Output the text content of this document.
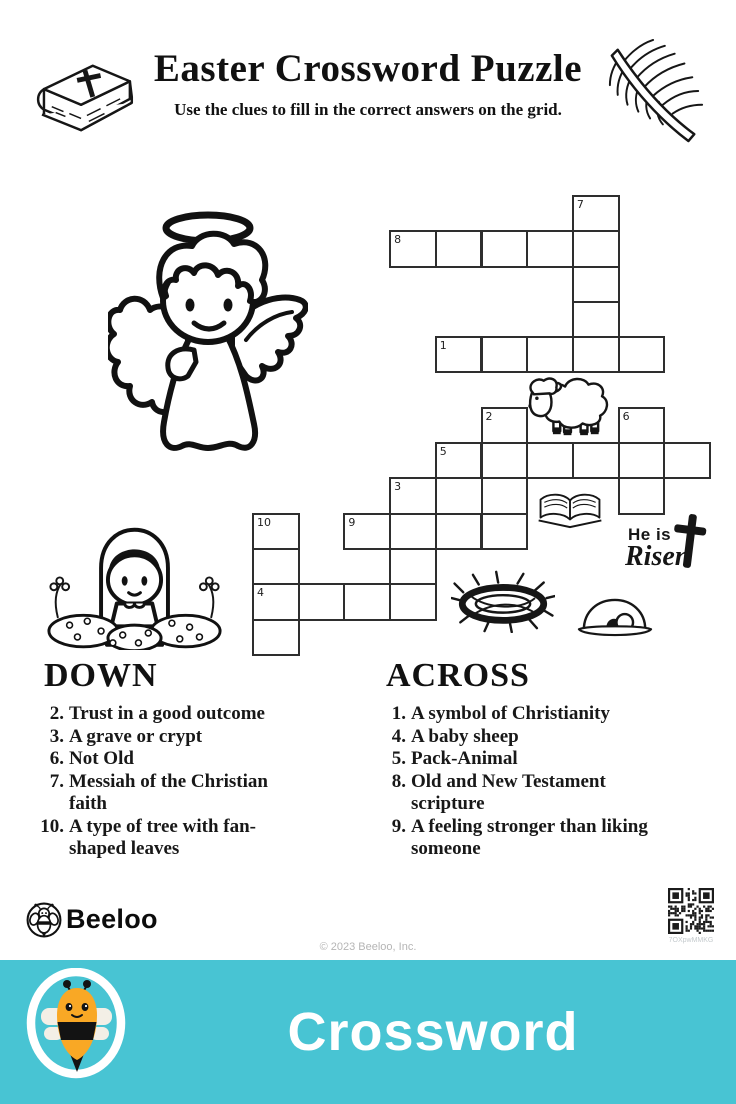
Easter Crossword Puzzle
Use the clues to fill in the correct answers on the grid.
He is
Risen
7
8
1
2	6
5
3
9
10
4
DOWN
2. Trust in a good outcome
3. A grave or crypt
6. Not Old
7. Messiah of the Christian faith
10. A type of tree with fan-shaped leaves
ACROSS
1. A symbol of Christianity
4. A baby sheep
5. Pack-Animal
8. Old and New Testament scripture
9. A feeling stronger than liking someone
Beeloo
© 2023 Beeloo, Inc.
7OXpwMMKG
Crossword
